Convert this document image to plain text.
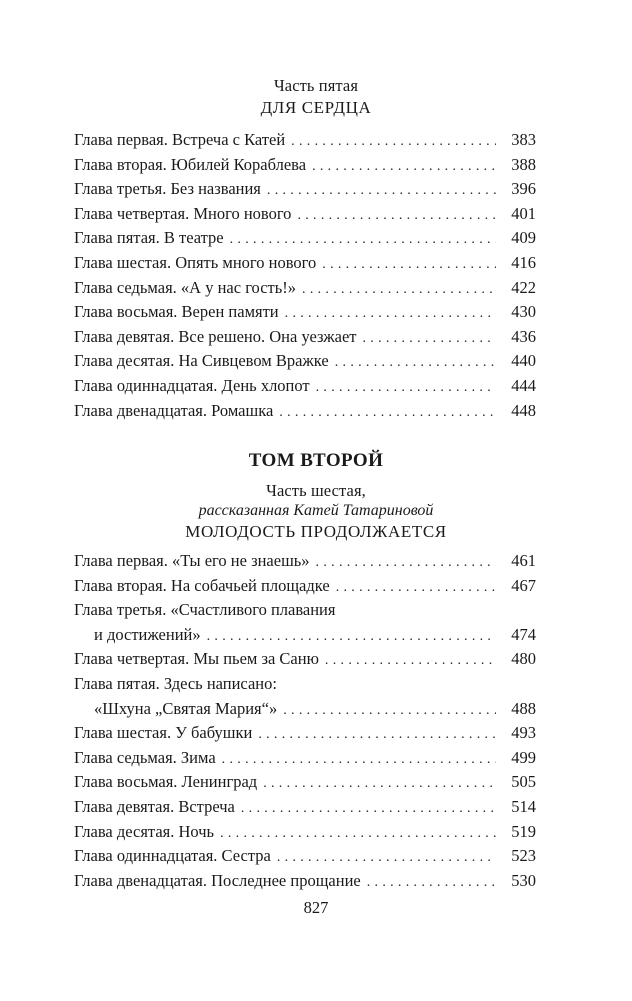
Часть пятая
ДЛЯ СЕРДЦА
Глава первая. Встреча с Катей . . .	383
Глава вторая. Юбилей Кораблева . . .	388
Глава третья. Без названия . . .	396
Глава четвертая. Много нового . . .	401
Глава пятая. В театре . . .	409
Глава шестая. Опять много нового . . .	416
Глава седьмая. «А у нас гость!» . . .	422
Глава восьмая. Верен памяти . . .	430
Глава девятая. Все решено. Она уезжает . . .	436
Глава десятая. На Сивцевом Вражке . . .	440
Глава одиннадцатая. День хлопот . . .	444
Глава двенадцатая. Ромашка . . .	448
ТОМ ВТОРОЙ
Часть шестая,
рассказанная Катей Татариновой
МОЛОДОСТЬ ПРОДОЛЖАЕТСЯ
Глава первая. «Ты его не знаешь» . . .	461
Глава вторая. На собачьей площадке . . .	467
Глава третья. «Счастливого плавания
и достижений» . . .	474
Глава четвертая. Мы пьем за Саню . . .	480
Глава пятая. Здесь написано:
«Шхуна „Святая Мария“» . . .	488
Глава шестая. У бабушки . . .	493
Глава седьмая. Зима . . .	499
Глава восьмая. Ленинград . . .	505
Глава девятая. Встреча . . .	514
Глава десятая. Ночь . . .	519
Глава одиннадцатая. Сестра . . .	523
Глава двенадцатая. Последнее прощание . . .	530
827
